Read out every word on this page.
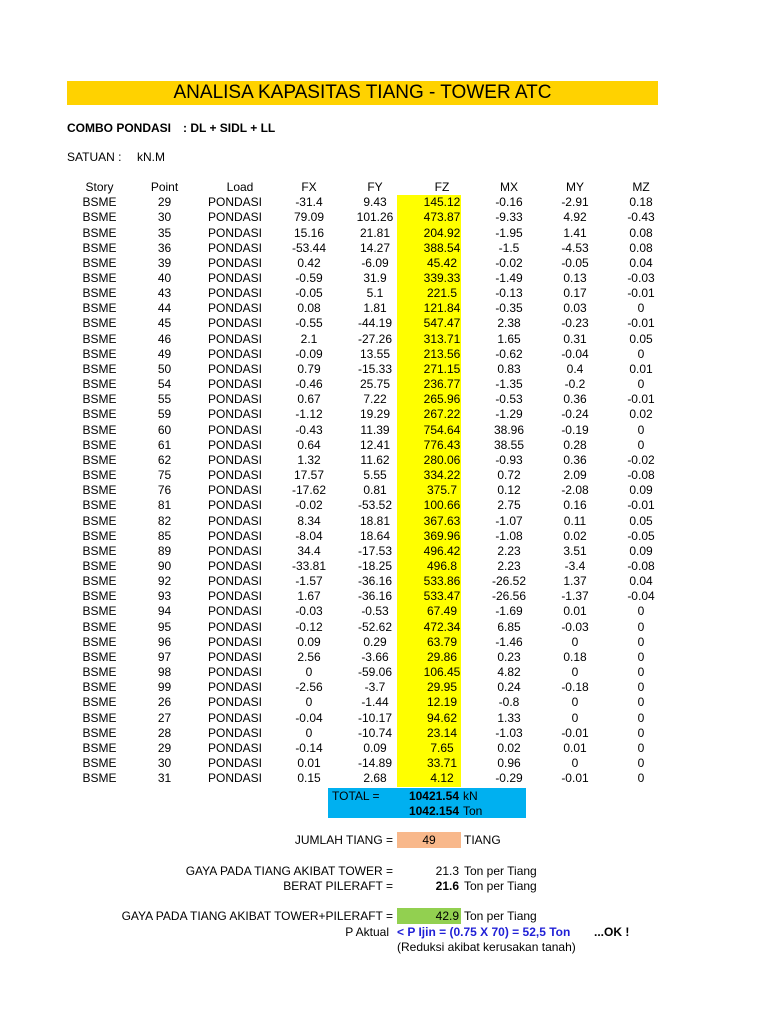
ANALISA KAPASITAS TIANG - TOWER ATC
COMBO PONDASI : DL + SIDL + LL
SATUAN : kN.M
Story	Point	Load	FX	FY	FZ	MX	MY	MZ
BSME	29	PONDASI	-31.4	9.43	145.12	-0.16	-2.91	0.18
BSME	30	PONDASI	79.09	101.26	473.87	-9.33	4.92	-0.43
BSME	35	PONDASI	15.16	21.81	204.92	-1.95	1.41	0.08
BSME	36	PONDASI	-53.44	14.27	388.54	-1.5	-4.53	0.08
BSME	39	PONDASI	0.42	-6.09	45.42	-0.02	-0.05	0.04
BSME	40	PONDASI	-0.59	31.9	339.33	-1.49	0.13	-0.03
BSME	43	PONDASI	-0.05	5.1	221.5	-0.13	0.17	-0.01
BSME	44	PONDASI	0.08	1.81	121.84	-0.35	0.03	0
BSME	45	PONDASI	-0.55	-44.19	547.47	2.38	-0.23	-0.01
BSME	46	PONDASI	2.1	-27.26	313.71	1.65	0.31	0.05
BSME	49	PONDASI	-0.09	13.55	213.56	-0.62	-0.04	0
BSME	50	PONDASI	0.79	-15.33	271.15	0.83	0.4	0.01
BSME	54	PONDASI	-0.46	25.75	236.77	-1.35	-0.2	0
BSME	55	PONDASI	0.67	7.22	265.96	-0.53	0.36	-0.01
BSME	59	PONDASI	-1.12	19.29	267.22	-1.29	-0.24	0.02
BSME	60	PONDASI	-0.43	11.39	754.64	38.96	-0.19	0
BSME	61	PONDASI	0.64	12.41	776.43	38.55	0.28	0
BSME	62	PONDASI	1.32	11.62	280.06	-0.93	0.36	-0.02
BSME	75	PONDASI	17.57	5.55	334.22	0.72	2.09	-0.08
BSME	76	PONDASI	-17.62	0.81	375.7	0.12	-2.08	0.09
BSME	81	PONDASI	-0.02	-53.52	100.66	2.75	0.16	-0.01
BSME	82	PONDASI	8.34	18.81	367.63	-1.07	0.11	0.05
BSME	85	PONDASI	-8.04	18.64	369.96	-1.08	0.02	-0.05
BSME	89	PONDASI	34.4	-17.53	496.42	2.23	3.51	0.09
BSME	90	PONDASI	-33.81	-18.25	496.8	2.23	-3.4	-0.08
BSME	92	PONDASI	-1.57	-36.16	533.86	-26.52	1.37	0.04
BSME	93	PONDASI	1.67	-36.16	533.47	-26.56	-1.37	-0.04
BSME	94	PONDASI	-0.03	-0.53	67.49	-1.69	0.01	0
BSME	95	PONDASI	-0.12	-52.62	472.34	6.85	-0.03	0
BSME	96	PONDASI	0.09	0.29	63.79	-1.46	0	0
BSME	97	PONDASI	2.56	-3.66	29.86	0.23	0.18	0
BSME	98	PONDASI	0	-59.06	106.45	4.82	0	0
BSME	99	PONDASI	-2.56	-3.7	29.95	0.24	-0.18	0
BSME	26	PONDASI	0	-1.44	12.19	-0.8	0	0
BSME	27	PONDASI	-0.04	-10.17	94.62	1.33	0	0
BSME	28	PONDASI	0	-10.74	23.14	-1.03	-0.01	0
BSME	29	PONDASI	-0.14	0.09	7.65	0.02	0.01	0
BSME	30	PONDASI	0.01	-14.89	33.71	0.96	0	0
BSME	31	PONDASI	0.15	2.68	4.12	-0.29	-0.01	0
TOTAL =	10421.54 kN
1042.154 Ton
JUMLAH TIANG =	49	TIANG
GAYA PADA TIANG AKIBAT TOWER =	21.3 Ton per Tiang
BERAT PILERAFT =	21.6 Ton per Tiang
GAYA PADA TIANG AKIBAT TOWER+PILERAFT =	42.9 Ton per Tiang
P Aktual < P Ijin = (0.75 X 70) = 52,5 Ton ...OK !
(Reduksi akibat kerusakan tanah)
